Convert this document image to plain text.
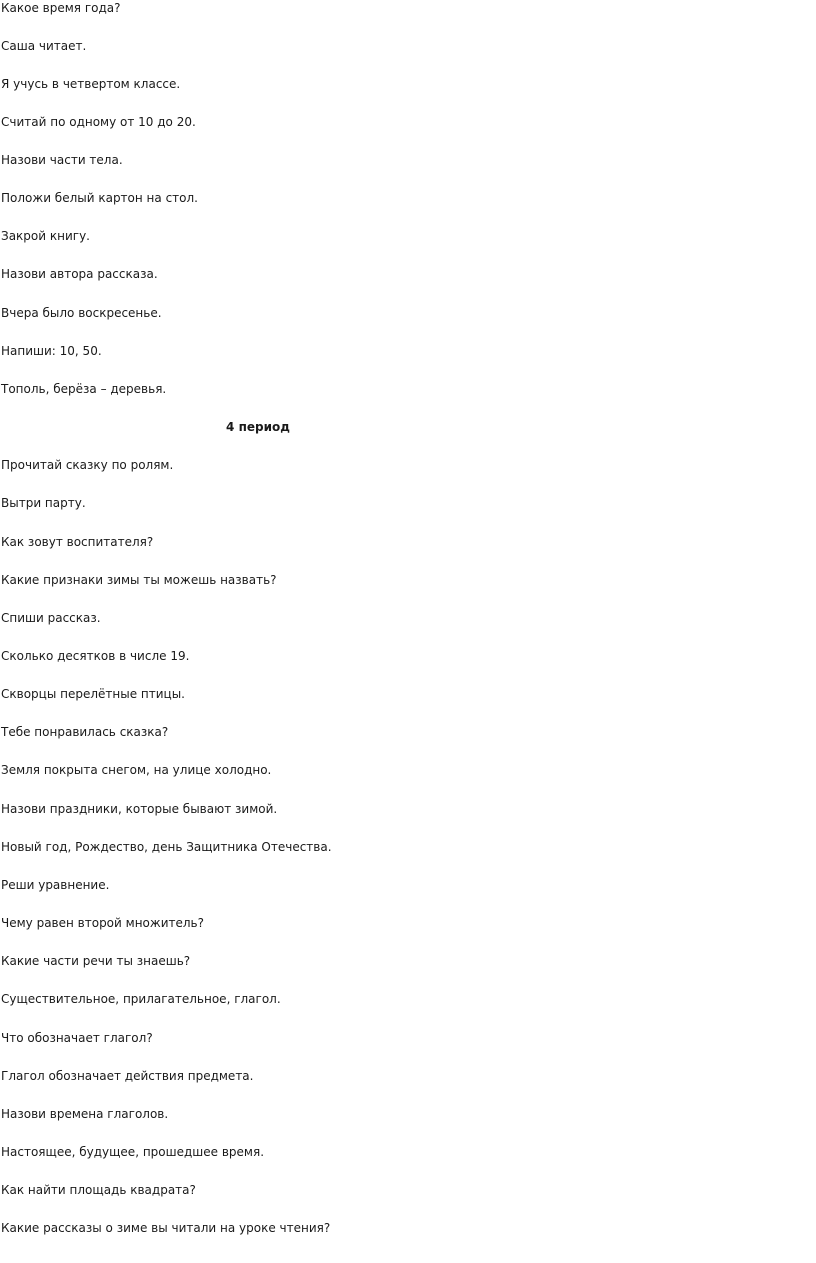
Какое время года?
Саша читает.
Я учусь в четвертом классе.
Считай по одному от 10 до 20.
Назови части тела.
Положи белый картон на стол.
Закрой книгу.
Назови автора рассказа.
Вчера было воскресенье.
Напиши: 10, 50.
Тополь, берёза – деревья.
4 период
Прочитай сказку по ролям.
Вытри парту.
Как зовут воспитателя?
Какие признаки зимы ты можешь назвать?
Спиши рассказ.
Сколько десятков в числе 19.
Скворцы перелётные птицы.
Тебе понравилась сказка?
Земля покрыта снегом, на улице холодно.
Назови праздники, которые бывают зимой.
Новый год, Рождество, день Защитника Отечества.
Реши уравнение.
Чему равен второй множитель?
Какие части речи ты знаешь?
Существительное, прилагательное, глагол.
Что обозначает глагол?
Глагол обозначает действия предмета.
Назови времена глаголов.
Настоящее, будущее, прошедшее время.
Как найти площадь квадрата?
Какие рассказы о зиме вы читали на уроке чтения?
